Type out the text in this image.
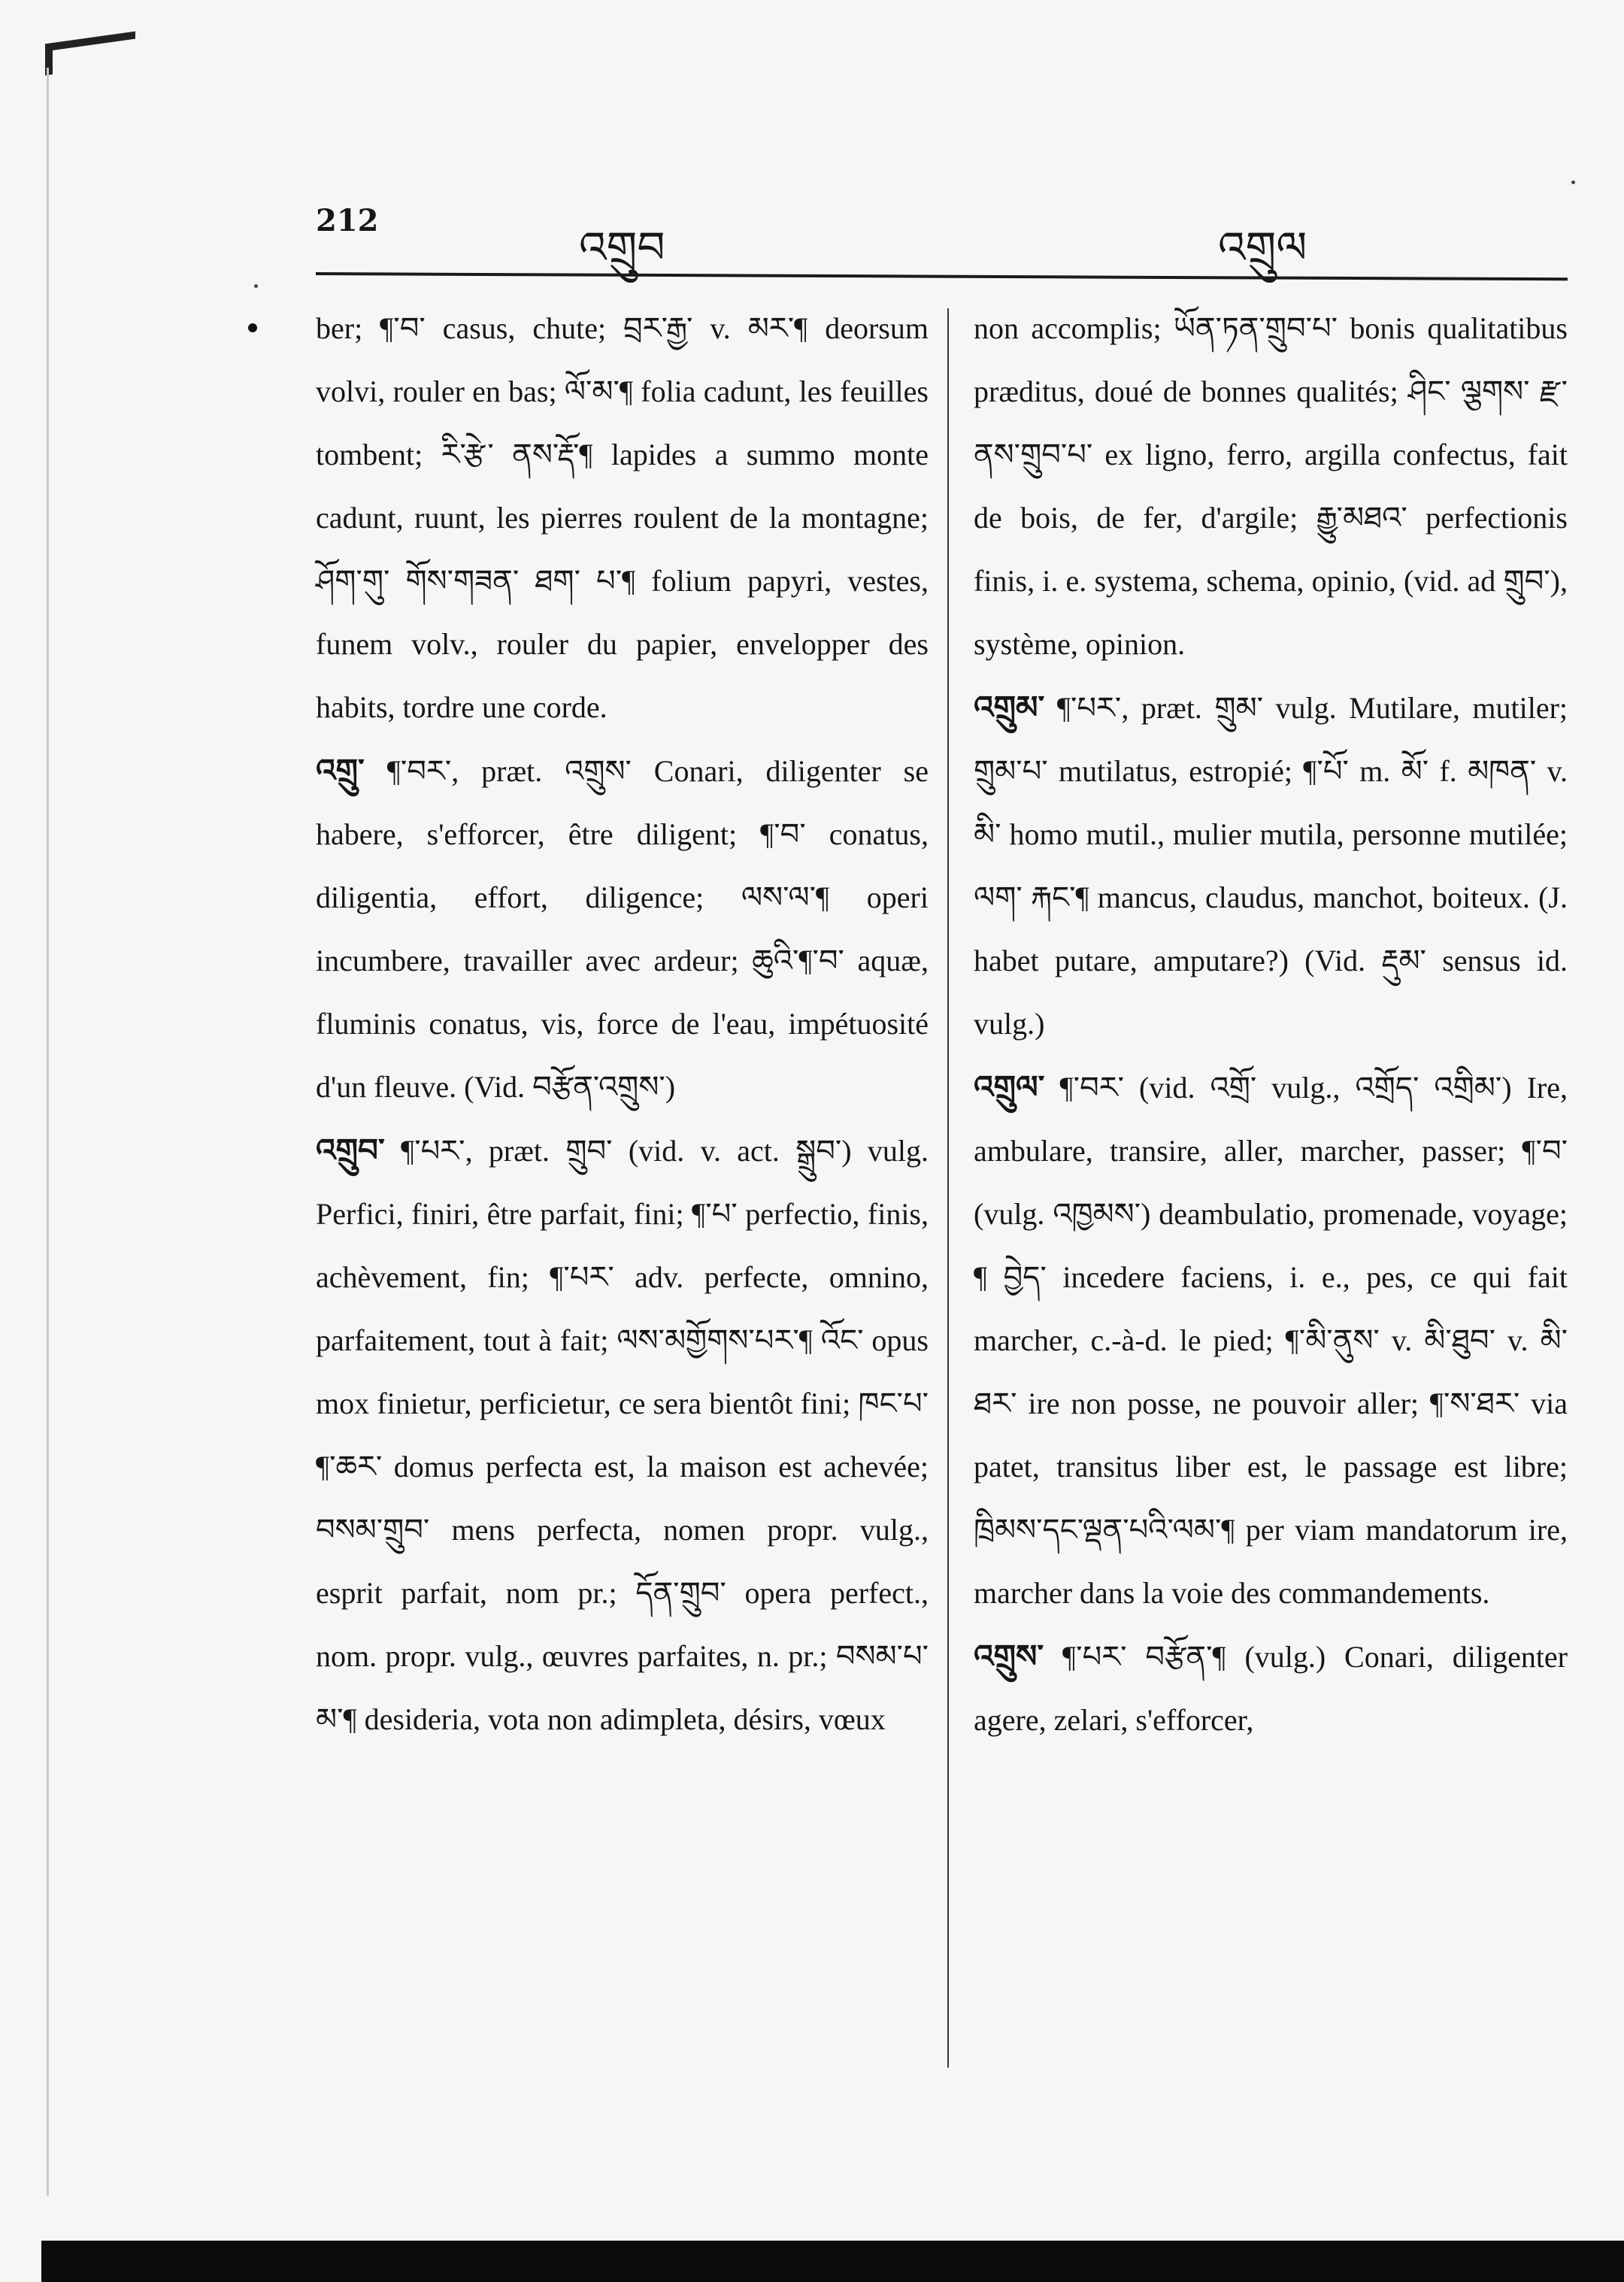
212
འགྲུབ	འགྲུལ

ber; ¶་བ་ casus, chute; བྲར་རྒྱ་ v. མར་¶ deorsum volvi, rouler en bas; ལོ་མ་¶ folia cadunt, les feuilles tombent; རི་རྩེ་ ནས་རྡོ་¶ lapides a summo monte cadunt, ruunt, les pierres roulent de la montagne; ཤོག་གུ་ གོས་གཟན་ ཐག་ པ་¶ folium papyri, vestes, funem volv., rouler du papier, envelopper des habits, tordre une corde.

འགྲུ་ ¶་བར་, præt. འགྲུས་ Conari, diligenter se habere, s'efforcer, être diligent; ¶་བ་ conatus, diligentia, effort, diligence; ལས་ལ་¶ operi incumbere, travailler avec ardeur; ཆུའི་¶་བ་ aquæ, fluminis conatus, vis, force de l'eau, impétuosité d'un fleuve. (Vid. བརྩོན་འགྲུས་)

འགྲུབ་ ¶་པར་, præt. གྲུབ་ (vid. v. act. སྒྲུབ་) vulg. Perfici, finiri, être parfait, fini; ¶་པ་ perfectio, finis, achèvement, fin; ¶་པར་ adv. perfecte, omnino, parfaitement, tout à fait; ལས་མགྱོགས་པར་¶ འོང་ opus mox finietur, perficietur, ce sera bientôt fini; ཁང་པ་¶་ཆར་ domus perfecta est, la maison est achevée; བསམ་གྲུབ་ mens perfecta, nomen propr. vulg., esprit parfait, nom pr.; དོན་གྲུབ་ opera perfect., nom. propr. vulg., œuvres parfaites, n. pr.; བསམ་པ་མ་¶ desideria, vota non adimpleta, désirs, vœux

non accomplis; ཡོན་ཏན་གྲུབ་པ་ bonis qualitatibus præditus, doué de bonnes qualités; ཤིང་ ལྕགས་ རྫ་ནས་གྲུབ་པ་ ex ligno, ferro, argilla confectus, fait de bois, de fer, d'argile; རྒྱུ་མཐའ་ perfectionis finis, i. e. systema, schema, opinio, (vid. ad གྲུབ་), système, opinion.

འགྲུམ་ ¶་པར་, præt. གྲུམ་ vulg. Mutilare, mutiler; གྲུམ་པ་ mutilatus, estropié; ¶་པོ་ m. མོ་ f. མཁན་ v. མི་ homo mutil., mulier mutila, personne mutilée; ལག་ རྐང་¶ mancus, claudus, manchot, boiteux. (J. habet putare, amputare?) (Vid. རྡུམ་ sensus id. vulg.)

འགྲུལ་ ¶་བར་ (vid. འགྲོ་ vulg., འགྲོད་ འགྲིམ་) Ire, ambulare, transire, aller, marcher, passer; ¶་བ་ (vulg. འཁྱམས་) deambulatio, promenade, voyage; ¶ བྱེད་ incedere faciens, i. e., pes, ce qui fait marcher, c.-à-d. le pied; ¶་མི་ནུས་ v. མི་ཐུབ་ v. མི་ཐར་ ire non posse, ne pouvoir aller; ¶་ས་ཐར་ via patet, transitus liber est, le passage est libre; ཁྲིམས་དང་ལྡན་པའི་ལམ་¶ per viam mandatorum ire, marcher dans la voie des commandements.

འགྲུས་ ¶་པར་ བརྩོན་¶ (vulg.) Conari, diligenter agere, zelari, s'efforcer,
